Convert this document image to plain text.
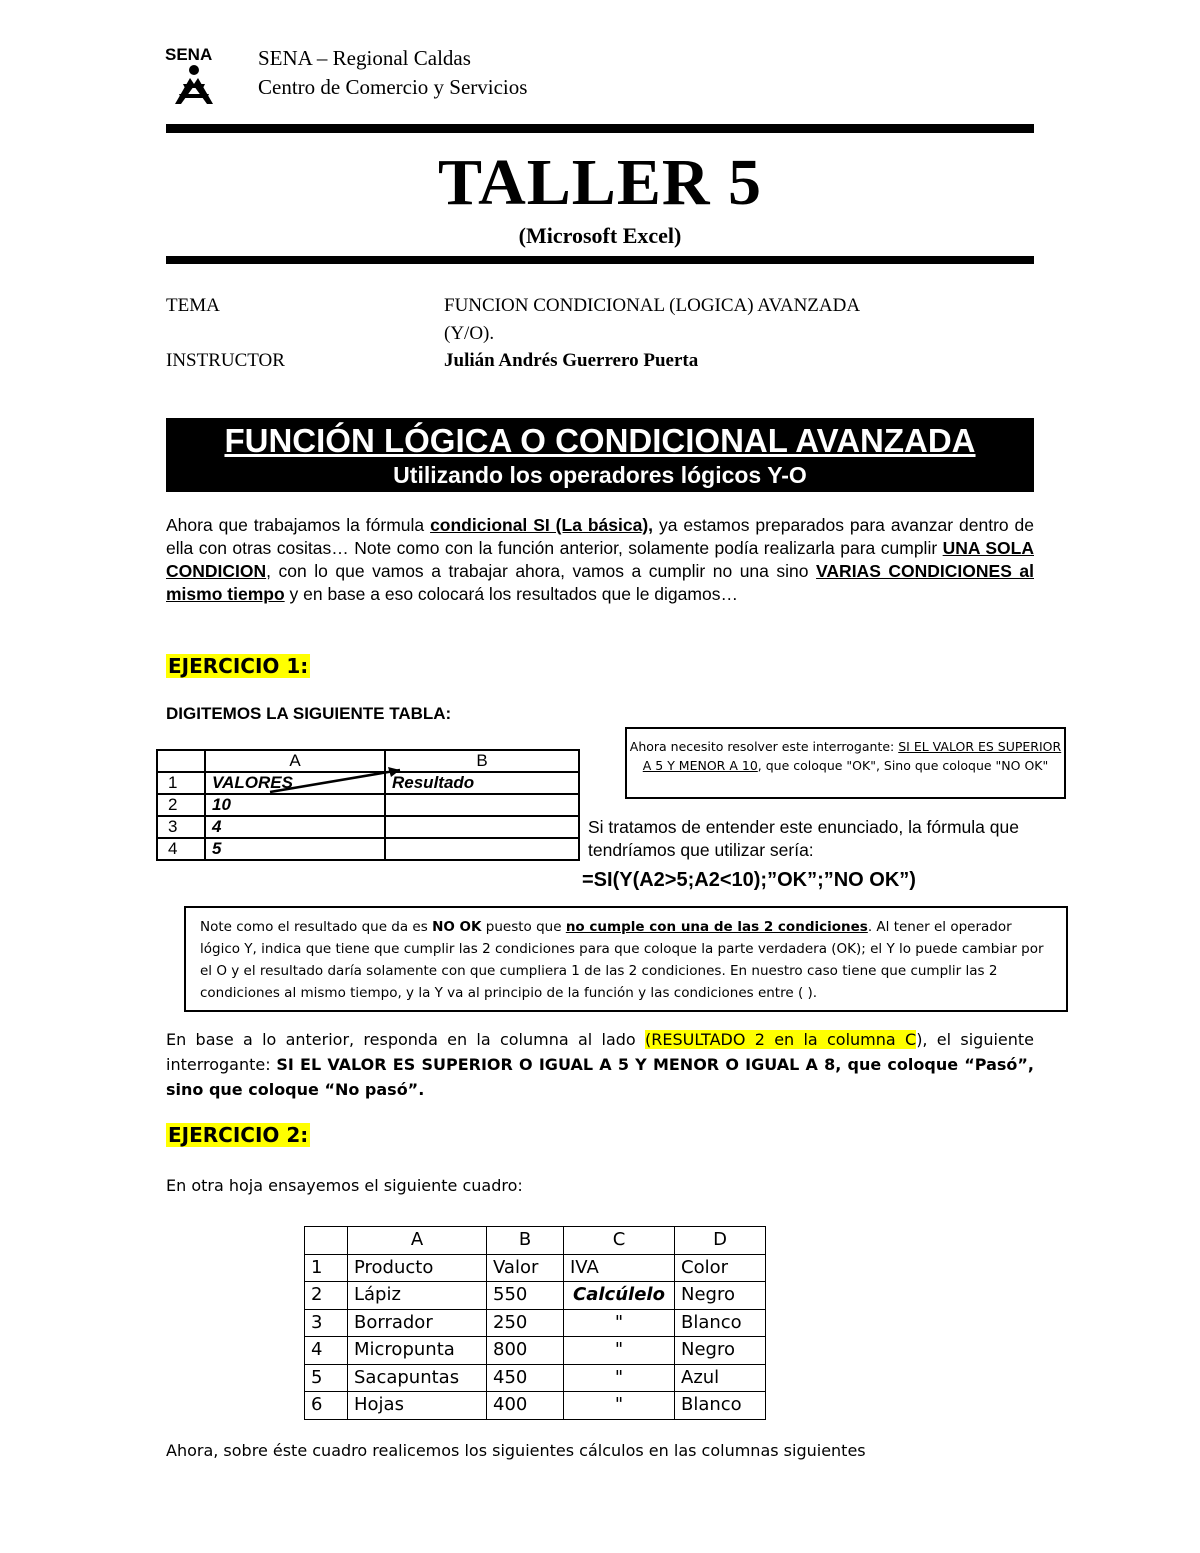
SENA SENA – Regional Caldas
Centro de Comercio y Servicios
TALLER 5
(Microsoft Excel)
TEMA	FUNCION CONDICIONAL (LOGICA) AVANZADA
(Y/O).
INSTRUCTOR	Julián Andrés Guerrero Puerta
FUNCIÓN LÓGICA O CONDICIONAL AVANZADA
Utilizando los operadores lógicos Y-O
Ahora que trabajamos la fórmula condicional SI (La básica), ya estamos preparados para avanzar dentro de ella con otras cositas… Note como con la función anterior, solamente podía realizarla para cumplir UNA SOLA CONDICION, con lo que vamos a trabajar ahora, vamos a cumplir no una sino VARIAS CONDICIONES al mismo tiempo y en base a eso colocará los resultados que le digamos…
EJERCICIO 1:
DIGITEMOS LA SIGUIENTE TABLA:
	A	B
1	VALORES	Resultado
2	10	
3	4	
4	5	
Ahora necesito resolver este interrogante: SI EL VALOR ES SUPERIOR A 5 Y MENOR A 10, que coloque "OK", Sino que coloque "NO OK"
Si tratamos de entender este enunciado, la fórmula que tendríamos que utilizar sería:
=SI(Y(A2>5;A2<10);”OK”;”NO OK”)
Note como el resultado que da es NO OK puesto que no cumple con una de las 2 condiciones. Al tener el operador lógico Y, indica que tiene que cumplir las 2 condiciones para que coloque la parte verdadera (OK); el Y lo puede cambiar por el O y el resultado daría solamente con que cumpliera 1 de las 2 condiciones. En nuestro caso tiene que cumplir las 2 condiciones al mismo tiempo, y la Y va al principio de la función y las condiciones entre ( ).
En base a lo anterior, responda en la columna al lado (RESULTADO 2 en la columna C), el siguiente interrogante: SI EL VALOR ES SUPERIOR O IGUAL A 5 Y MENOR O IGUAL A 8, que coloque “Pasó”, sino que coloque “No pasó”.
EJERCICIO 2:
En otra hoja ensayemos el siguiente cuadro:
	A	B	C	D
1	Producto	Valor	IVA	Color
2	Lápiz	550	Calcúlelo	Negro
3	Borrador	250	"	Blanco
4	Micropunta	800	"	Negro
5	Sacapuntas	450	"	Azul
6	Hojas	400	"	Blanco
Ahora, sobre éste cuadro realicemos los siguientes cálculos en las columnas siguientes
